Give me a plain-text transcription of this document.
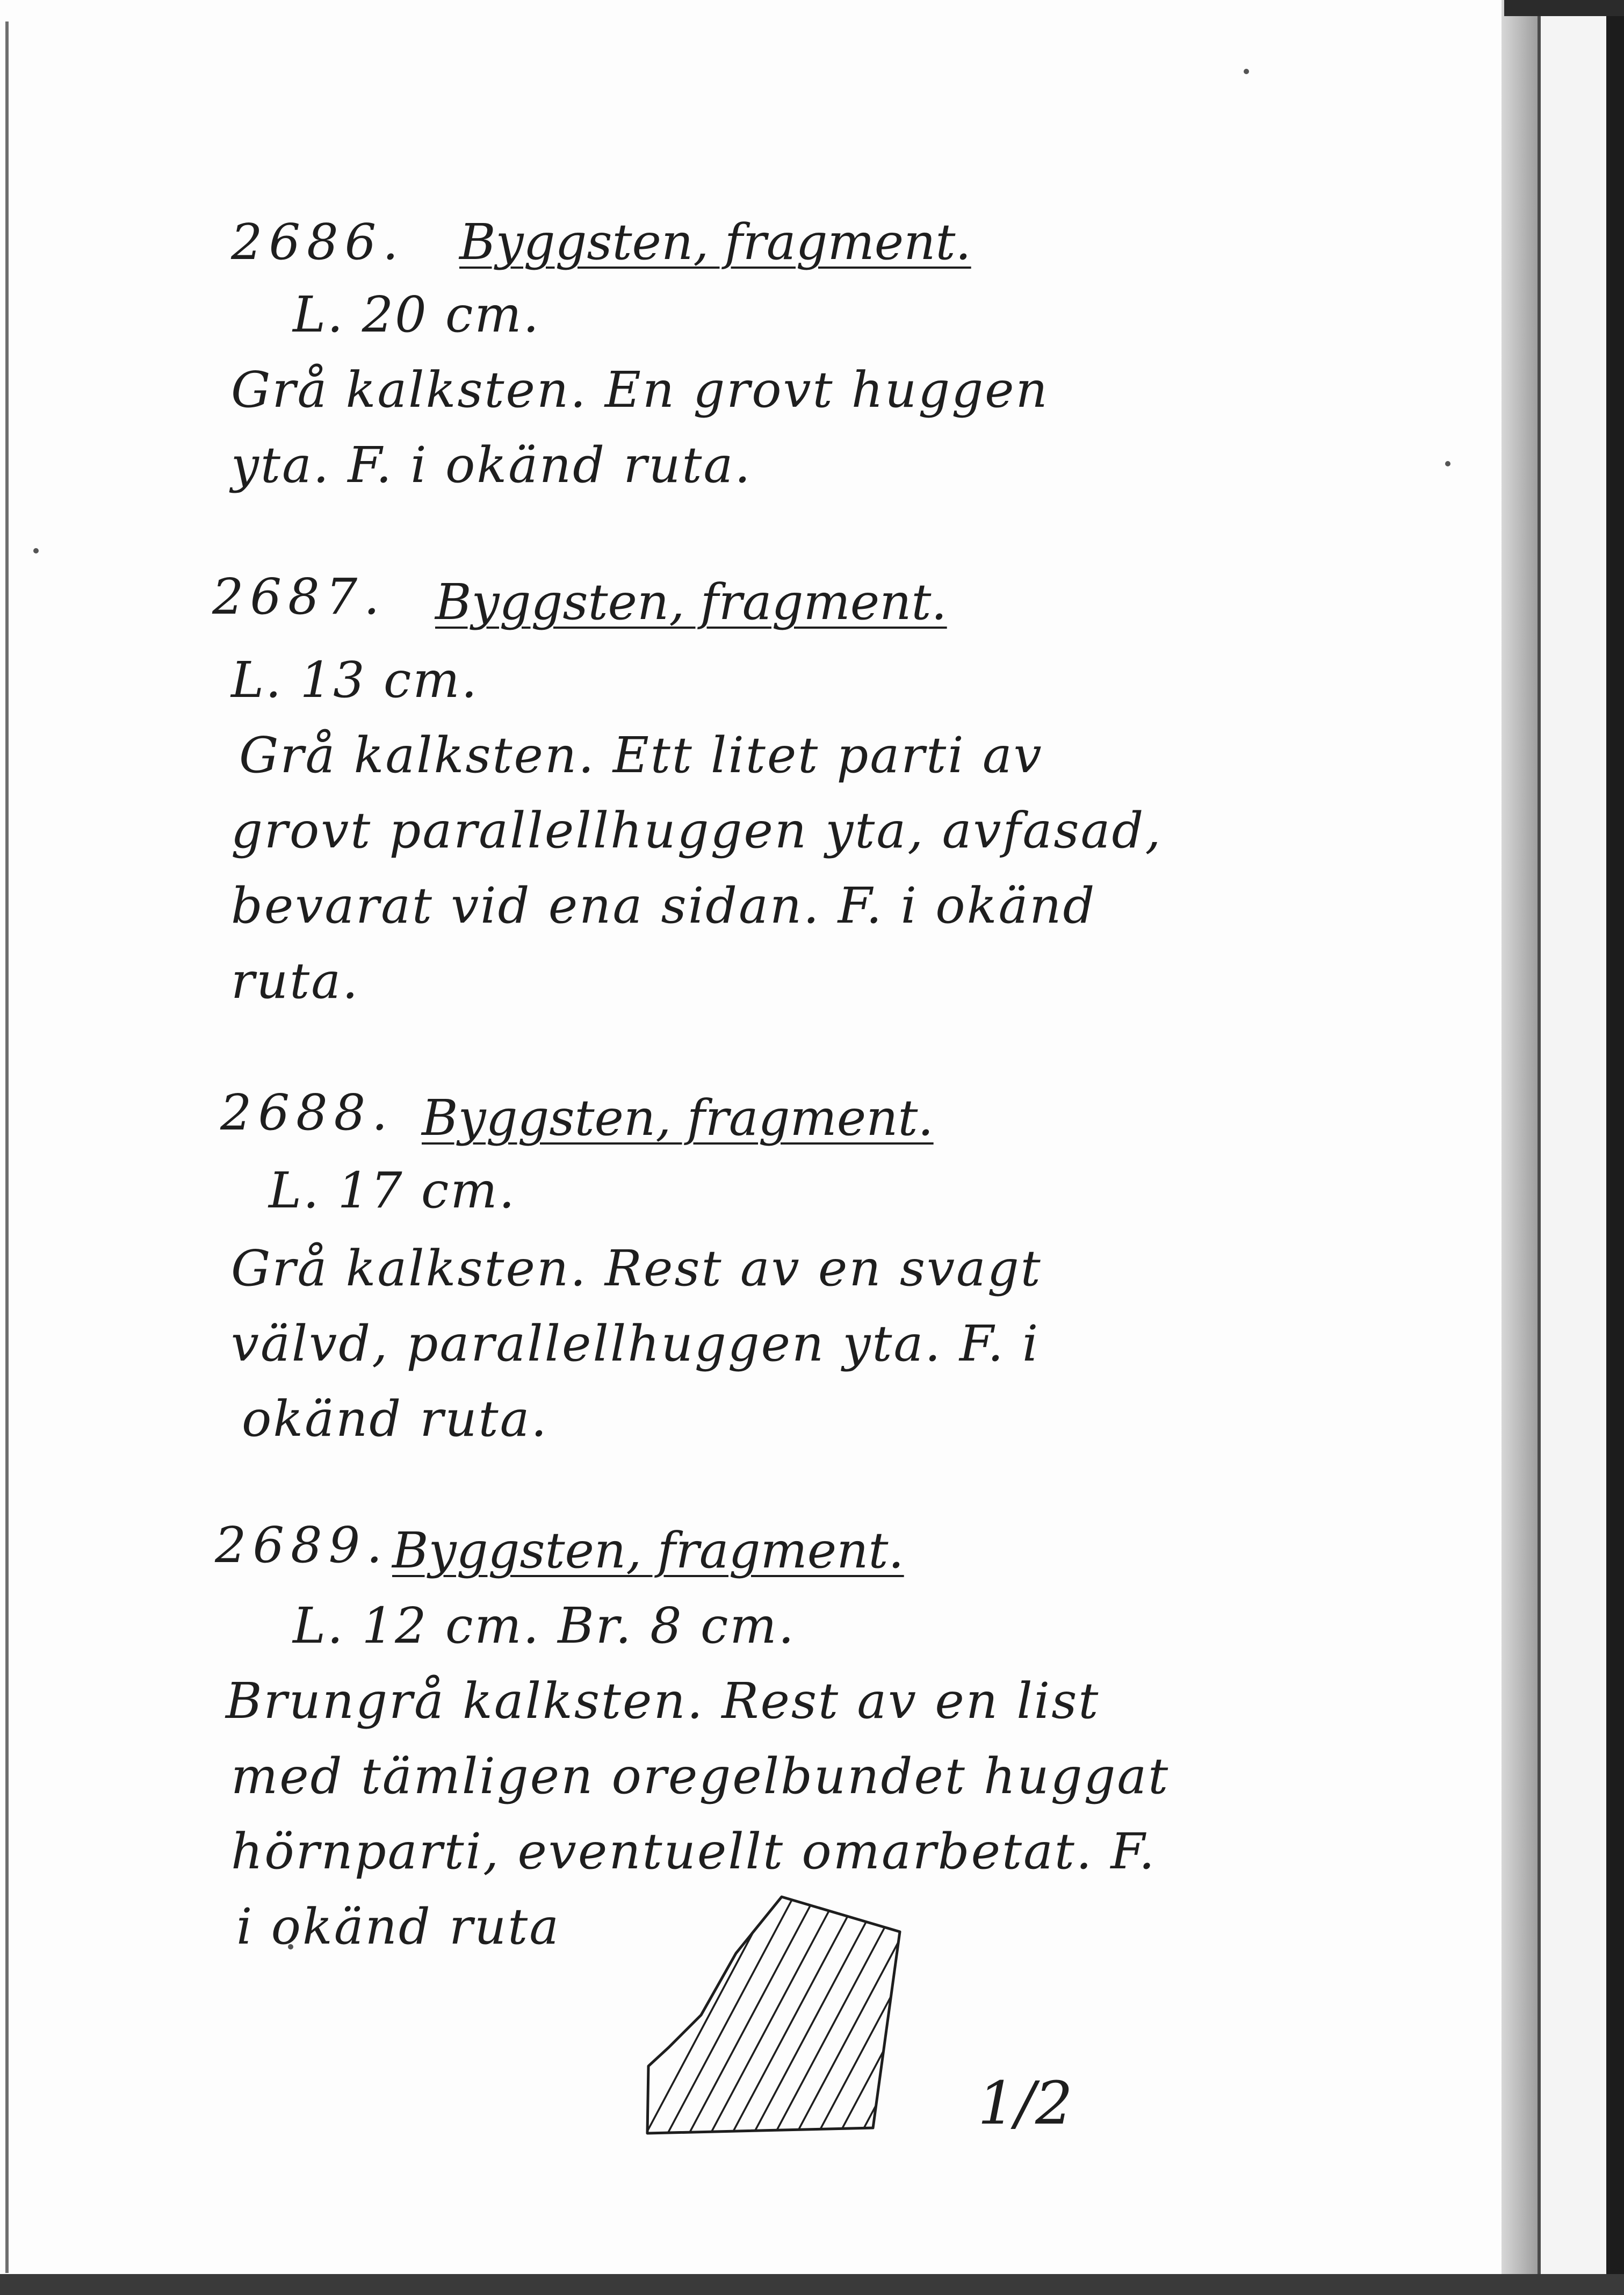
2686. Byggsten, fragment.
L. 20 cm.
Grå kalksten. En grovt huggen
yta. F. i okänd ruta.
2687. Byggsten, fragment.
L. 13 cm.
Grå kalksten. Ett litet parti av
grovt parallellhuggen yta, avfasad,
bevarat vid ena sidan. F. i okänd
ruta.
2688. Byggsten, fragment.
L. 17 cm.
Grå kalksten. Rest av en svagt
välvd, parallellhuggen yta. F. i
okänd ruta.
2689. Byggsten, fragment.
L. 12 cm. Br. 8 cm.
Brungrå kalksten. Rest av en list
med tämligen oregelbundet huggat
hörnparti, eventuellt omarbetat. F.
i okänd ruta
1/2
